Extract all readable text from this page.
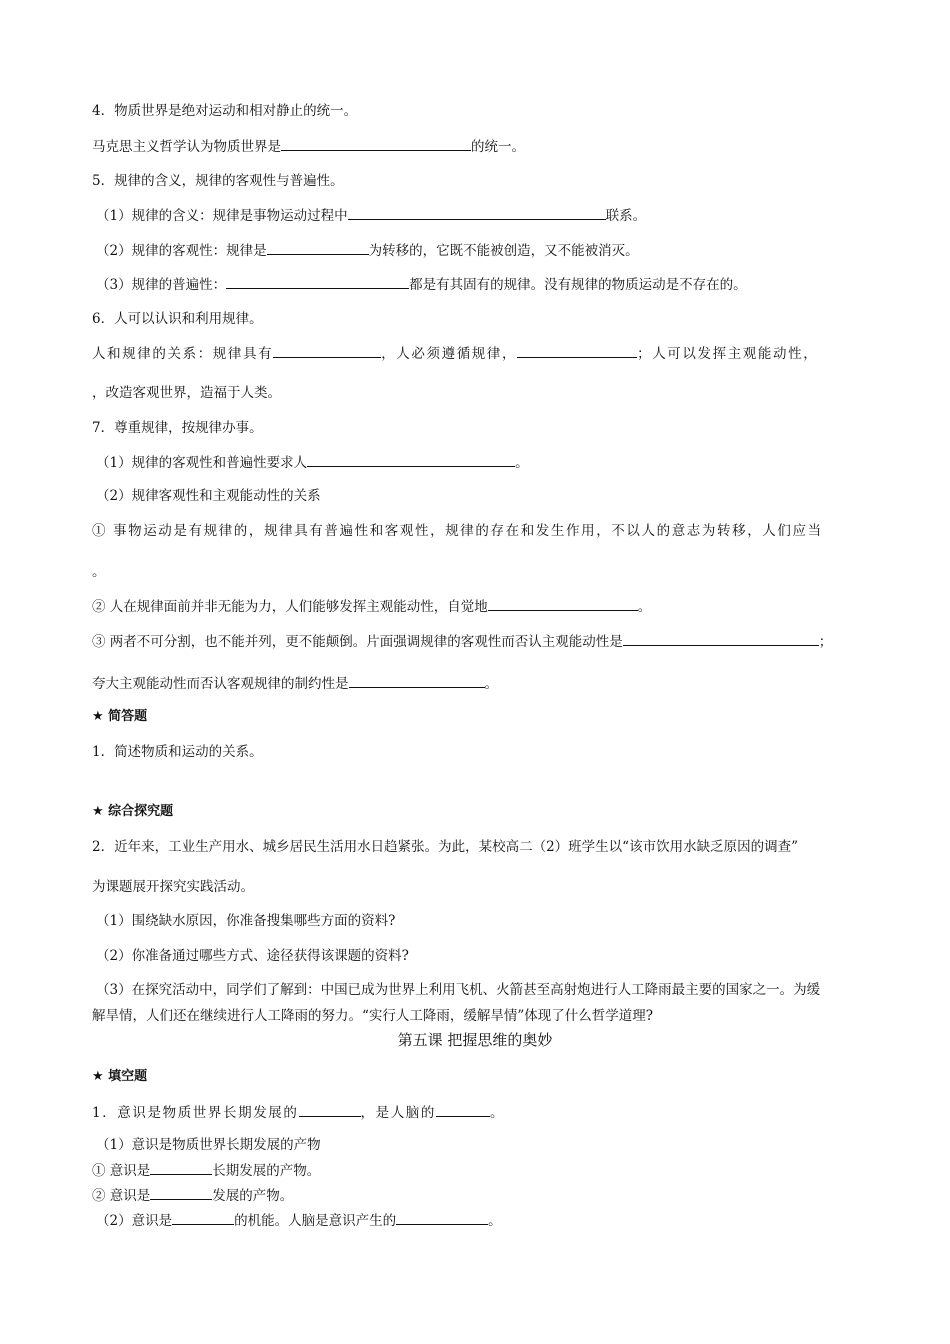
4．物质世界是绝对运动和相对静止的统一。
马克思主义哲学认为物质世界是	的统一。
5．规律的含义，规律的客观性与普遍性。
（1）规律的含义：规律是事物运动过程中	联系。
（2）规律的客观性：规律是	为转移的，它既不能被创造，又不能被消灭。
（3）规律的普遍性：	都是有其固有的规律。没有规律的物质运动是不存在的。
6．人可以认识和利用规律。
人和规律的关系：规律具有	，人必须遵循规律，	；人可以发挥主观能动性，
，改造客观世界，造福于人类。
7．尊重规律，按规律办事。
（1）规律的客观性和普遍性要求人	。
（2）规律客观性和主观能动性的关系
① 事物运动是有规律的，规律具有普遍性和客观性，规律的存在和发生作用，不以人的意志为转移，人们应当
。
② 人在规律面前并非无能为力，人们能够发挥主观能动性，自觉地	。
③ 两者不可分割，也不能并列，更不能颠倒。片面强调规律的客观性而否认主观能动性是	；
夸大主观能动性而否认客观规律的制约性是	。
★ 简答题
1．简述物质和运动的关系。
★ 综合探究题
2．近年来，工业生产用水、城乡居民生活用水日趋紧张。为此，某校高二（2）班学生以“该市饮用水缺乏原因的调查”
为课题展开探究实践活动。
（1）围绕缺水原因，你准备搜集哪些方面的资料?
（2）你准备通过哪些方式、途径获得该课题的资料?
（3）在探究活动中，同学们了解到：中国已成为世界上利用飞机、火箭甚至高射炮进行人工降雨最主要的国家之一。为缓
解旱情，人们还在继续进行人工降雨的努力。“实行人工降雨，缓解旱情”体现了什么哲学道理?
第五课 把握思维的奥妙
★ 填空题
1．意识是物质世界长期发展的	，是人脑的	。
（1）意识是物质世界长期发展的产物
① 意识是	长期发展的产物。
② 意识是	发展的产物。
（2）意识是	的机能。人脑是意识产生的	。
